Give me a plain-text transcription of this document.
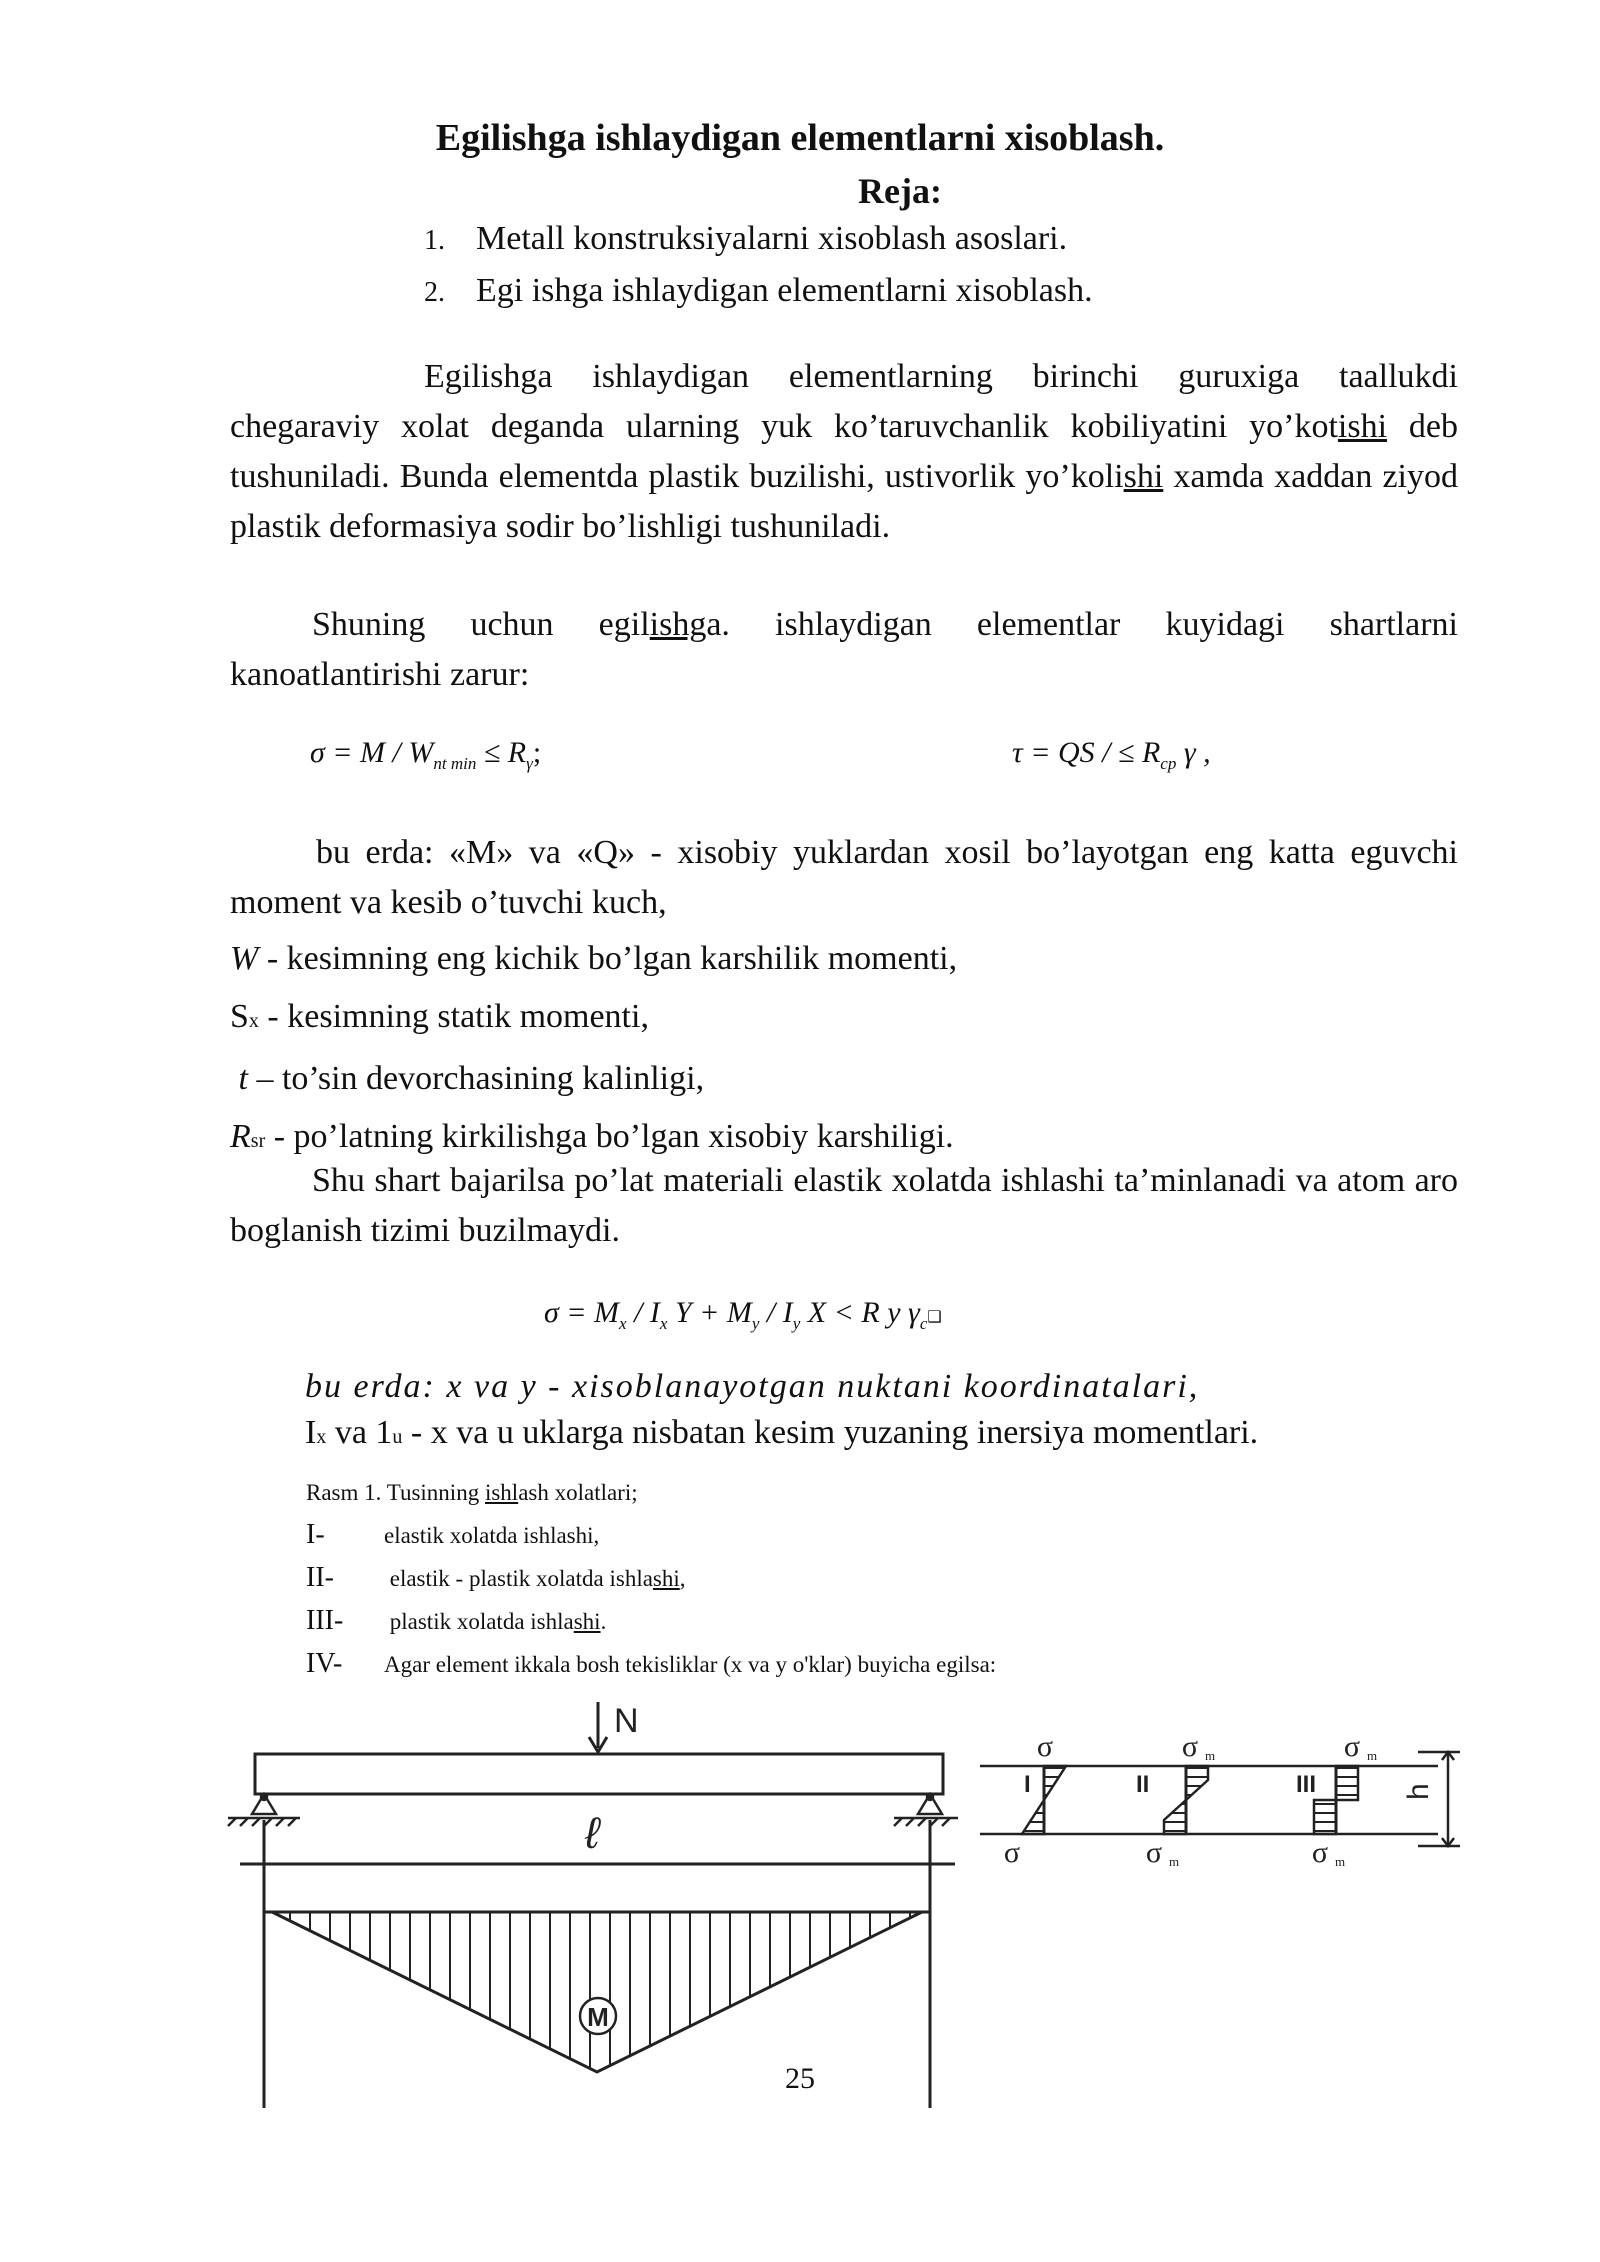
Egilishga ishlaydigan elementlarni xisoblash.
Reja:
1. Metall konstruksiyalarni xisoblash asoslari.
2. Egi ishga ishlaydigan elementlarni xisoblash.

Egilishga ishlaydigan elementlarning birinchi guruxiga taallukdi chegaraviy xolat deganda ularning yuk ko’taruvchanlik kobiliyatini yo’kotishi deb tushuniladi. Bunda elementda plastik buzilishi, ustivorlik yo’kolishi xamda xaddan ziyod plastik deformasiya sodir bo’lishligi tushuniladi.

Shuning uchun egilishga. ishlaydigan elementlar kuyidagi shartlarni kanoatlantirishi zarur:

$\sigma = M / W_{nt min} \le R_\gamma$;	τ = QS / ≤ $R_{cp}$ γ ,

bu erda: «M» va «Q» - xisobiy yuklardan xosil bo’layotgan eng katta eguvchi moment va kesib o’tuvchi kuch,

W - kesimning eng kichik bo’lgan karshilik momenti,
Sx - kesimning statik momenti,
t – to’sin devorchasining kalinligi,
Rsr - po’latning kirkilishga bo’lgan xisobiy karshiligi.

Shu shart bajarilsa po’lat materiali elastik xolatda ishlashi ta’minlanadi va atom aro boglanish tizimi buzilmaydi.

$\sigma = M_x / I_x$ $Y + M_y / I_y$ X < R y $\gamma_c❑$
bu erda: x va y - xisoblanayotgan nuktani koordinatalari,
Ix va 1u - x va u uklarga nisbatan kesim yuzaning inersiya momentlari.
Rasm 1. Tusinning ishlash xolatlari;
I-	elastik xolatda ishlashi,
II- elastik - plastik xolatda ishlashi,
III- plastik xolatda ishlashi.
IV- Agar element ikkala bosh tekisliklar (x va y o'klar) buyicha egilsa:
N
ℓ
M
I	II	III
σ	σ m	σ m
σ	σ m	σ m
h
25
